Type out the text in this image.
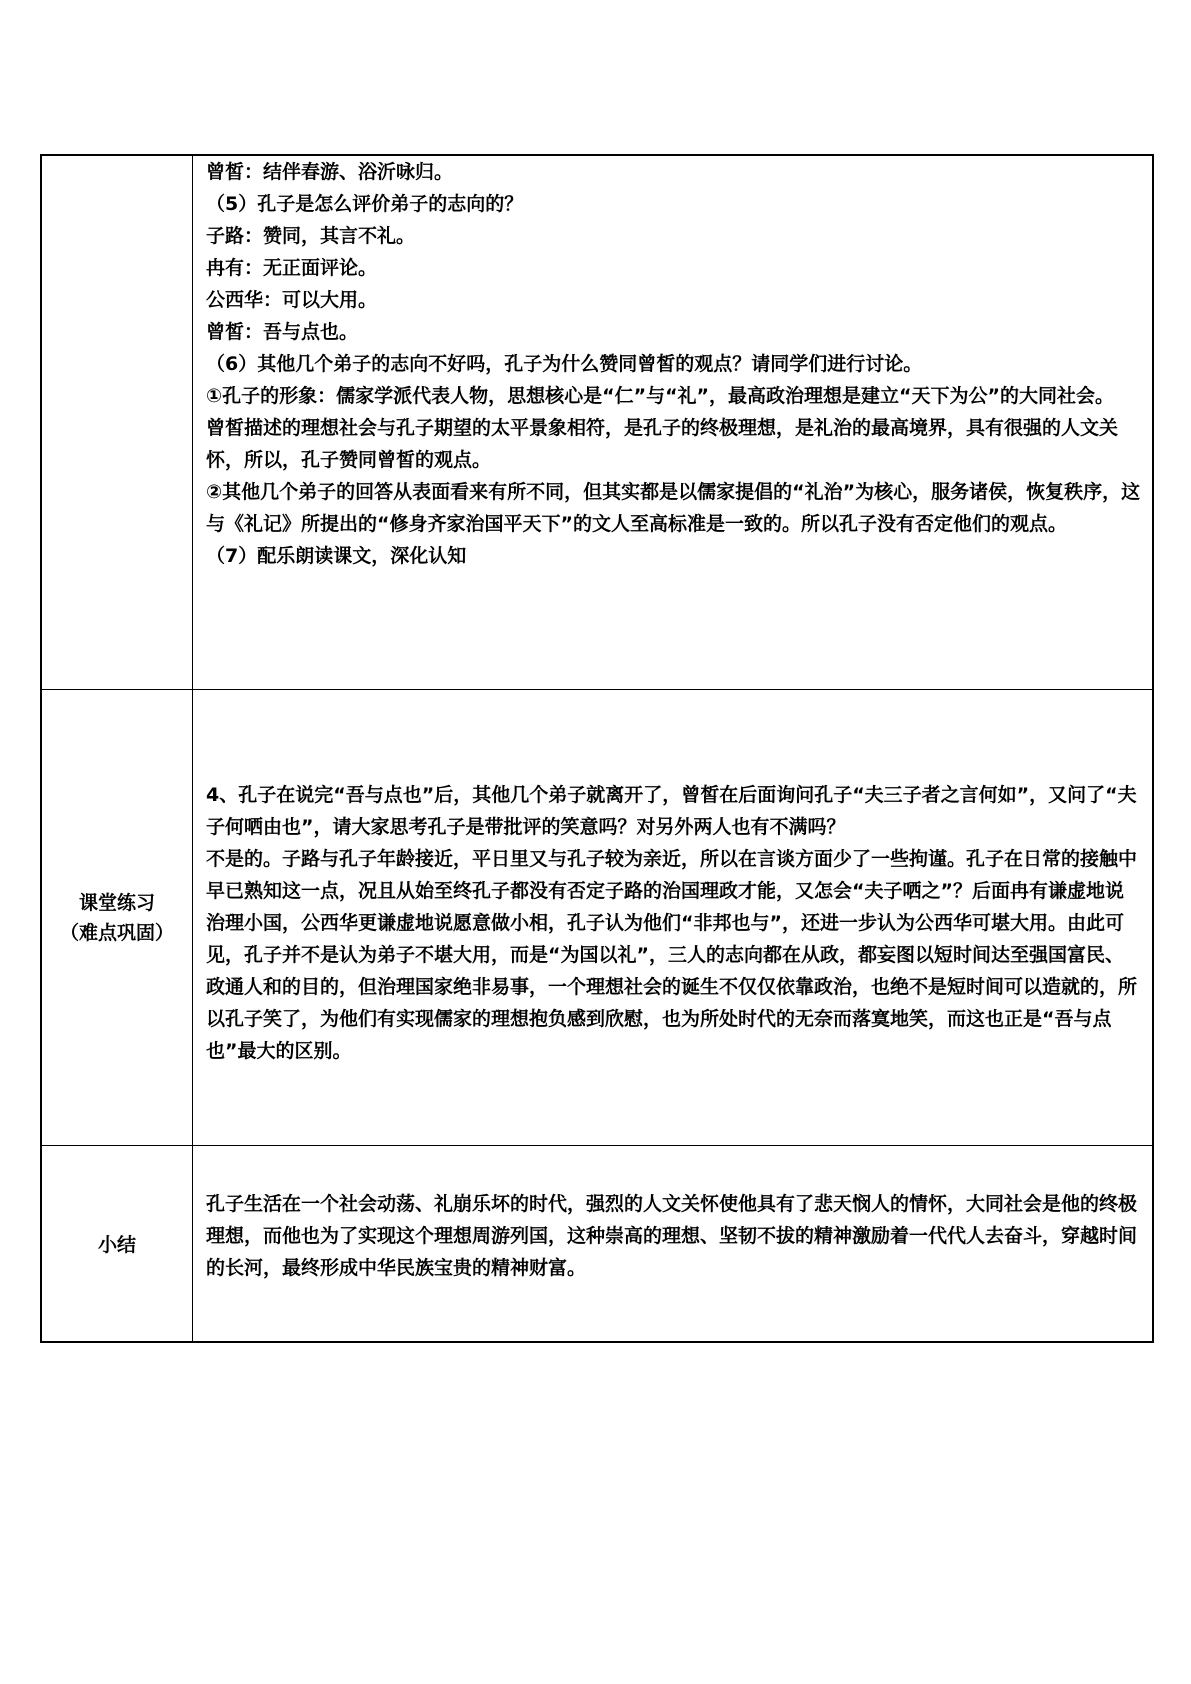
曾皙：结伴春游、浴沂咏归。

（5）孔子是怎么评价弟子的志向的？

子路：赞同，其言不礼。

冉有：无正面评论。

公西华：可以大用。

曾皙：吾与点也。

（6）其他几个弟子的志向不好吗，孔子为什么赞同曾皙的观点？请同学们进行讨论。

①孔子的形象：儒家学派代表人物，思想核心是“仁”与“礼”，最高政治理想是建立“天下为公”的大同社会。

曾皙描述的理想社会与孔子期望的太平景象相符，是孔子的终极理想，是礼治的最高境界，具有很强的人文关怀，所以，孔子赞同曾皙的观点。

②其他几个弟子的回答从表面看来有所不同，但其实都是以儒家提倡的“礼治”为核心，服务诸侯，恢复秩序，这与《礼记》所提出的“修身齐家治国平天下”的文人至高标准是一致的。所以孔子没有否定他们的观点。

（7）配乐朗读课文，深化认知

课堂练习
（难点巩固）

4、孔子在说完“吾与点也”后，其他几个弟子就离开了，曾皙在后面询问孔子“夫三子者之言何如”，又问了“夫子何哂由也”，请大家思考孔子是带批评的笑意吗？对另外两人也有不满吗？

不是的。子路与孔子年龄接近，平日里又与孔子较为亲近，所以在言谈方面少了一些拘谨。孔子在日常的接触中早已熟知这一点，况且从始至终孔子都没有否定子路的治国理政才能，又怎会“夫子哂之”？后面冉有谦虚地说治理小国，公西华更谦虚地说愿意做小相，孔子认为他们“非邦也与”，还进一步认为公西华可堪大用。由此可见，孔子并不是认为弟子不堪大用，而是“为国以礼”，三人的志向都在从政，都妄图以短时间达至强国富民、政通人和的目的，但治理国家绝非易事，一个理想社会的诞生不仅仅依靠政治，也绝不是短时间可以造就的，所以孔子笑了，为他们有实现儒家的理想抱负感到欣慰，也为所处时代的无奈而落寞地笑，而这也正是“吾与点也”最大的区别。

小结

孔子生活在一个社会动荡、礼崩乐坏的时代，强烈的人文关怀使他具有了悲天悯人的情怀，大同社会是他的终极理想，而他也为了实现这个理想周游列国，这种崇高的理想、坚韧不拔的精神激励着一代代人去奋斗，穿越时间的长河，最终形成中华民族宝贵的精神财富。
